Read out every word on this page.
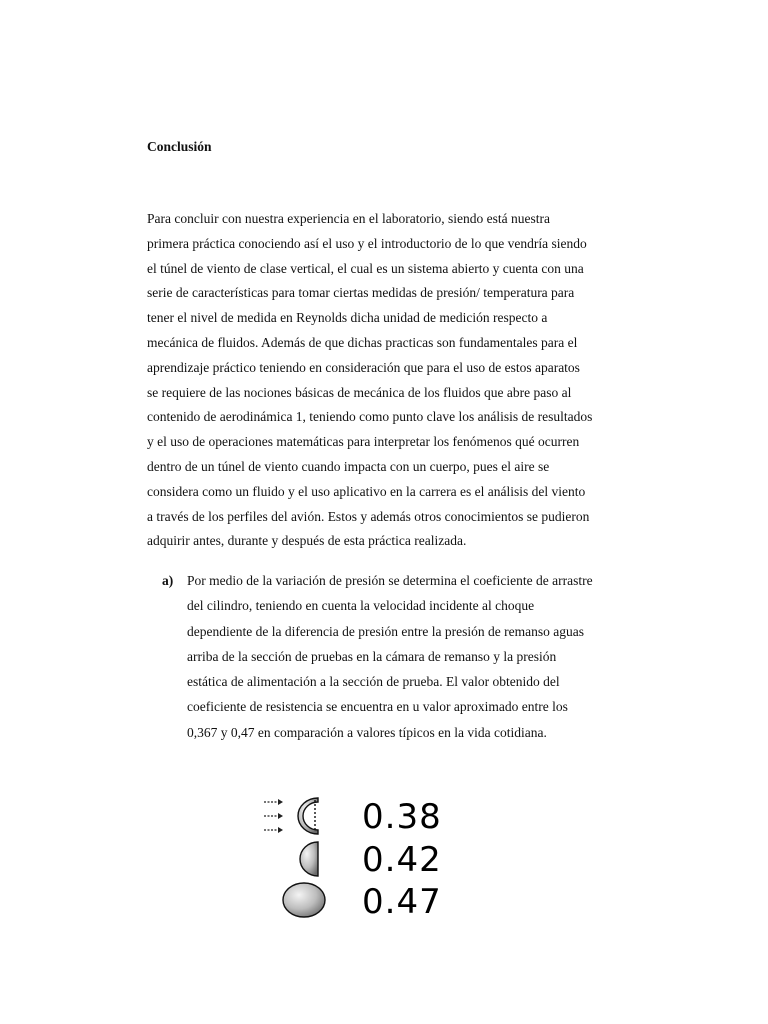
Conclusión
Para concluir con nuestra experiencia en el laboratorio, siendo está nuestra
primera práctica conociendo así el uso y el introductorio de lo que vendría siendo
el túnel de viento de clase vertical, el cual es un sistema abierto y cuenta con una
serie de características para tomar ciertas medidas de presión/ temperatura para
tener el nivel de medida en Reynolds dicha unidad de medición respecto a
mecánica de fluidos. Además de que dichas practicas son fundamentales para el
aprendizaje práctico teniendo en consideración que para el uso de estos aparatos
se requiere de las nociones básicas de mecánica de los fluidos que abre paso al
contenido de aerodinámica 1, teniendo como punto clave los análisis de resultados
y el uso de operaciones matemáticas para interpretar los fenómenos qué ocurren
dentro de un túnel de viento cuando impacta con un cuerpo, pues el aire se
considera como un fluido y el uso aplicativo en la carrera es el análisis del viento
a través de los perfiles del avión. Estos y además otros conocimientos se pudieron
adquirir antes, durante y después de esta práctica realizada.
a) Por medio de la variación de presión se determina el coeficiente de arrastre
del cilindro, teniendo en cuenta la velocidad incidente al choque
dependiente de la diferencia de presión entre la presión de remanso aguas
arriba de la sección de pruebas en la cámara de remanso y la presión
estática de alimentación a la sección de prueba. El valor obtenido del
coeficiente de resistencia se encuentra en u valor aproximado entre los
0,367 y 0,47 en comparación a valores típicos en la vida cotidiana.
0.38
0.42
0.47
